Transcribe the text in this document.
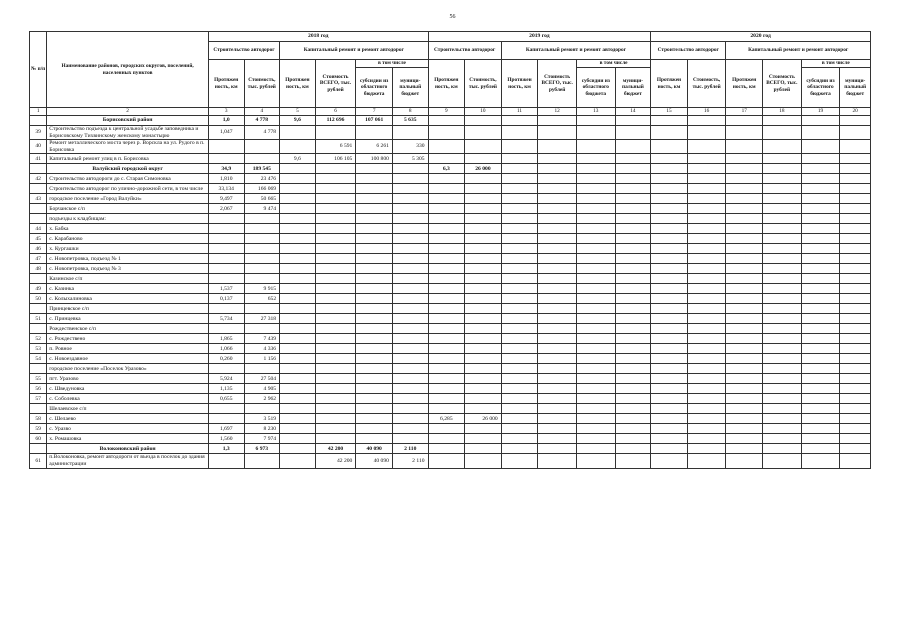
56
№ п/п	Наименование районов, городских округов, поселений, населенных пунктов	2018 год						2019 год						2020 год					
		Строительство автодорог		Капитальный ремонт и ремонт автодорог				Строительство автодорог		Капитальный ремонт и ремонт автодорог				Строительство автодорог		Капитальный ремонт и ремонт автодорог			
		Протяжен ность, км	Стоимость, тыс. рублей	Протяжен ность, км	Стоимость ВСЕГО, тыс. рублей	в том числе		Протяжен ность, км	Стоимость, тыс. рублей	Протяжен ность, км	Стоимость ВСЕГО, тыс. рублей	в том числе		Протяжен ность, км	Стоимость, тыс. рублей	Протяжен ность, км	Стоимость ВСЕГО, тыс. рублей	в том числе	
						субсидии из областного бюджета	муници- пальный бюджет					субсидии из областного бюджета	муници- пальный бюджет					субсидии из областного бюджета	муници- пальный бюджет
1	2	3	4	5	6	7	8	9	10	11	12	13	14	15	16	17	18	19	20
	Борисовский район	1,0	4 778	9,6	112 696	107 061	5 635												
39	Строительство подъезда к центральной усадьбе заповедника и Борисовскому Тихвинскому женскому монастырю	1,047	4 778																
40	Ремонт металлического моста через р. Ворскла на ул. Рудого в п. Борисовка				6 591	6 261	330												
41	Капитальный ремонт улиц в п. Борисовка			9,6	106 105	100 800	5 305												
	Валуйский городской округ	34,9	189 545					6,3	26 000										
42	Строительство автодороги до с. Старая Симоновка	1,810	23 476																
	Строительство автодорог по улично-дорожной сети, в том числе	33,134	166 069																
43	городское поселение «Город Валуйки»	9,497	50 665																
	Борчанское с/п	2,067	9 474																
	подъезды к кладбищам:																		
44	х. Бабка																		
45	с. Карабаново																		
46	х. Кургашки																		
47	с. Новопетровка, подъезд № 1																		
48	с. Новопетровка, подъезд № 3																		
	Казинское с/п																		
49	с. Казинка	1,537	9 915																
50	с. Колыхалиновка	0,137	652																
	Принцевское с/п																		
51	с. Принцевка	5,734	27 318																
	Рождественское с/п																		
52	с. Рождествено	1,865	7 439																
53	п. Ровное	1,066	4 336																
54	с. Новоездавное	0,260	1 156																
	городское поселение «Поселок Уразово»																		
55	пгт. Уразово	5,924	27 504																
56	с. Шведуновка	1,135	4 905																
57	с. Соболевка	0,655	2 962																
	Шелаевское с/п																		
58	с. Шелаево		3 519					6,285	26 000										
59	с. Уразво	1,697	8 230																
60	х. Ромашовка	1,560	7 974																
	Волоконовский район	1,3	6 973		42 200	40 090	2 110												
61	п.Волоконовка, ремонт автодороги от въезда в поселок до здания администрации				42 200	40 090	2 110												
